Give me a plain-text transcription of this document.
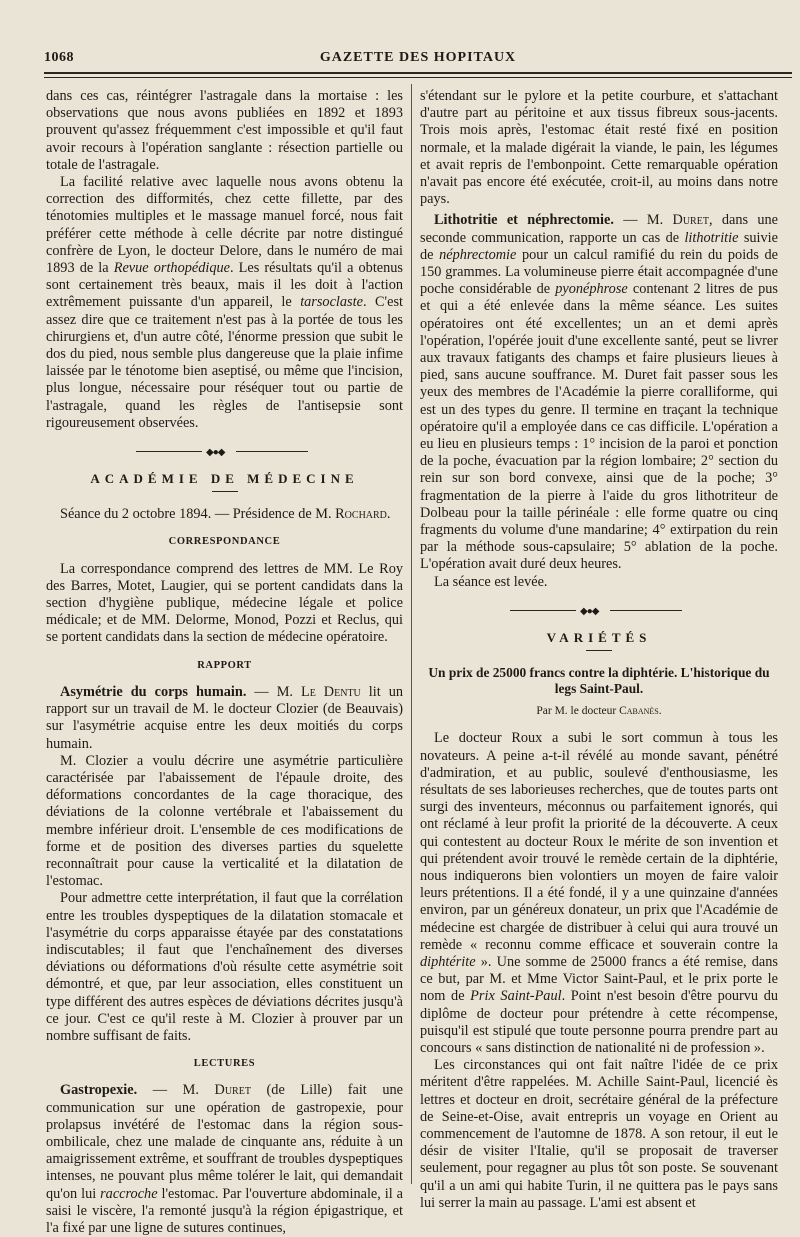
1068	GAZETTE DES HOPITAUX

dans ces cas, réintégrer l'astragale dans la mortaise : les observations que nous avons publiées en 1892 et 1893 prouvent qu'assez fréquemment c'est impossible et qu'il faut avoir recours à l'opération sanglante : résection partielle ou totale de l'astragale.

La facilité relative avec laquelle nous avons obtenu la correction des difformités, chez cette fillette, par des ténotomies multiples et le massage manuel forcé, nous fait préférer cette méthode à celle décrite par notre distingué confrère de Lyon, le docteur Delore, dans le numéro de mai 1893 de la Revue orthopédique. Les résultats qu'il a obtenus sont certainement très beaux, mais il les doit à l'action extrêmement puissante d'un appareil, le tarsoclaste. C'est assez dire que ce traitement n'est pas à la portée de tous les chirurgiens et, d'un autre côté, l'énorme pression que subit le dos du pied, nous semble plus dangereuse que la plaie infime laissée par le ténotome bien aseptisé, ou même que l'incision, plus longue, nécessaire pour réséquer tout ou partie de l'astragale, quand les règles de l'antisepsie sont rigoureusement observées.

◆●◆
ACADÉMIE DE MÉDECINE

Séance du 2 octobre 1894. — Présidence de M. Rochard.

CORRESPONDANCE

La correspondance comprend des lettres de MM. Le Roy des Barres, Motet, Laugier, qui se portent candidats dans la section d'hygiène publique, médecine légale et police médicale; et de MM. Delorme, Monod, Pozzi et Reclus, qui se portent candidats dans la section de médecine opératoire.

RAPPORT

Asymétrie du corps humain. — M. Le Dentu lit un rapport sur un travail de M. le docteur Clozier (de Beauvais) sur l'asymétrie acquise entre les deux moitiés du corps humain.

M. Clozier a voulu décrire une asymétrie particulière caractérisée par l'abaissement de l'épaule droite, des déformations concordantes de la cage thoracique, des déviations de la colonne vertébrale et l'abaissement du membre inférieur droit. L'ensemble de ces modifications de forme et de position des diverses parties du squelette reconnaîtrait pour cause la verticalité et la dilatation de l'estomac.

Pour admettre cette interprétation, il faut que la corrélation entre les troubles dyspeptiques de la dilatation stomacale et l'asymétrie du corps apparaisse étayée par des constatations indiscutables; il faut que l'enchaînement des diverses déviations ou déformations d'où résulte cette asymétrie soit démontré, et que, par leur association, elles constituent un type différent des autres espèces de déviations décrites jusqu'à ce jour. C'est ce qu'il reste à M. Clozier à prouver par un nombre suffisant de faits.

LECTURES

Gastropexie. — M. Duret (de Lille) fait une communication sur une opération de gastropexie, pour prolapsus invétéré de l'estomac dans la région sous-ombilicale, chez une malade de cinquante ans, réduite à un amaigrissement extrême, et souffrant de troubles dyspeptiques intenses, ne pouvant plus même tolérer le lait, qui demandait qu'on lui raccroche l'estomac. Par l'ouverture abdominale, il a saisi le viscère, l'a remonté jusqu'à la région épigastrique, et l'a fixé par une ligne de sutures continues,

s'étendant sur le pylore et la petite courbure, et s'attachant d'autre part au péritoine et aux tissus fibreux sous-jacents. Trois mois après, l'estomac était resté fixé en position normale, et la malade digérait la viande, le pain, les légumes et avait repris de l'embonpoint. Cette remarquable opération n'avait pas encore été exécutée, croit-il, au moins dans notre pays.

Lithotritie et néphrectomie. — M. Duret, dans une seconde communication, rapporte un cas de lithotritie suivie de néphrectomie pour un calcul ramifié du rein du poids de 150 grammes. La volumineuse pierre était accompagnée d'une poche considérable de pyonéphrose contenant 2 litres de pus et qui a été enlevée dans la même séance. Les suites opératoires ont été excellentes; un an et demi après l'opération, l'opérée jouit d'une excellente santé, peut se livrer aux travaux fatigants des champs et faire plusieurs lieues à pied, sans aucune souffrance. M. Duret fait passer sous les yeux des membres de l'Académie la pierre coralliforme, qui est un des types du genre. Il termine en traçant la technique opératoire qu'il a employée dans ce cas difficile. L'opération a eu lieu en plusieurs temps : 1° incision de la paroi et ponction de la poche, évacuation par la région lombaire; 2° section du rein sur son bord convexe, ainsi que de la poche; 3° fragmentation de la pierre à l'aide du gros lithotriteur de Dolbeau pour la taille périnéale : elle forme quatre ou cinq fragments du volume d'une mandarine; 4° extirpation du rein par la méthode sous-capsulaire; 5° ablation de la poche. L'opération avait duré deux heures.

La séance est levée.

◆●◆
VARIÉTÉS
Un prix de 25000 francs contre la diphtérie. L'historique du legs Saint-Paul.
Par M. le docteur Cabanès.

Le docteur Roux a subi le sort commun à tous les novateurs. A peine a-t-il révélé au monde savant, pénétré d'admiration, et au public, soulevé d'enthousiasme, les résultats de ses laborieuses recherches, que de toutes parts ont surgi des inventeurs, méconnus ou parfaitement ignorés, qui ont réclamé à leur profit la priorité de la découverte. A ceux qui contestent au docteur Roux le mérite de son invention et qui prétendent avoir trouvé le remède certain de la diphtérie, nous indiquerons bien volontiers un moyen de faire valoir leurs prétentions. Il a été fondé, il y a une quinzaine d'années environ, par un généreux donateur, un prix que l'Académie de médecine est chargée de distribuer à celui qui aura trouvé un remède « reconnu comme efficace et souverain contre la diphtérite ». Une somme de 25000 francs a été remise, dans ce but, par M. et Mme Victor Saint-Paul, et le prix porte le nom de Prix Saint-Paul. Point n'est besoin d'être pourvu du diplôme de docteur pour prétendre à cette récompense, puisqu'il est stipulé que toute personne pourra prendre part au concours « sans distinction de nationalité ni de profession ».

Les circonstances qui ont fait naître l'idée de ce prix méritent d'être rappelées. M. Achille Saint-Paul, licencié ès lettres et docteur en droit, secrétaire général de la préfecture de Seine-et-Oise, avait entrepris un voyage en Orient au commencement de l'automne de 1878. A son retour, il eut le désir de visiter l'Italie, qu'il se proposait de traverser seulement, pour regagner au plus tôt son poste. Se souvenant qu'il a un ami qui habite Turin, il ne quittera pas le pays sans lui serrer la main au passage. L'ami est absent et
